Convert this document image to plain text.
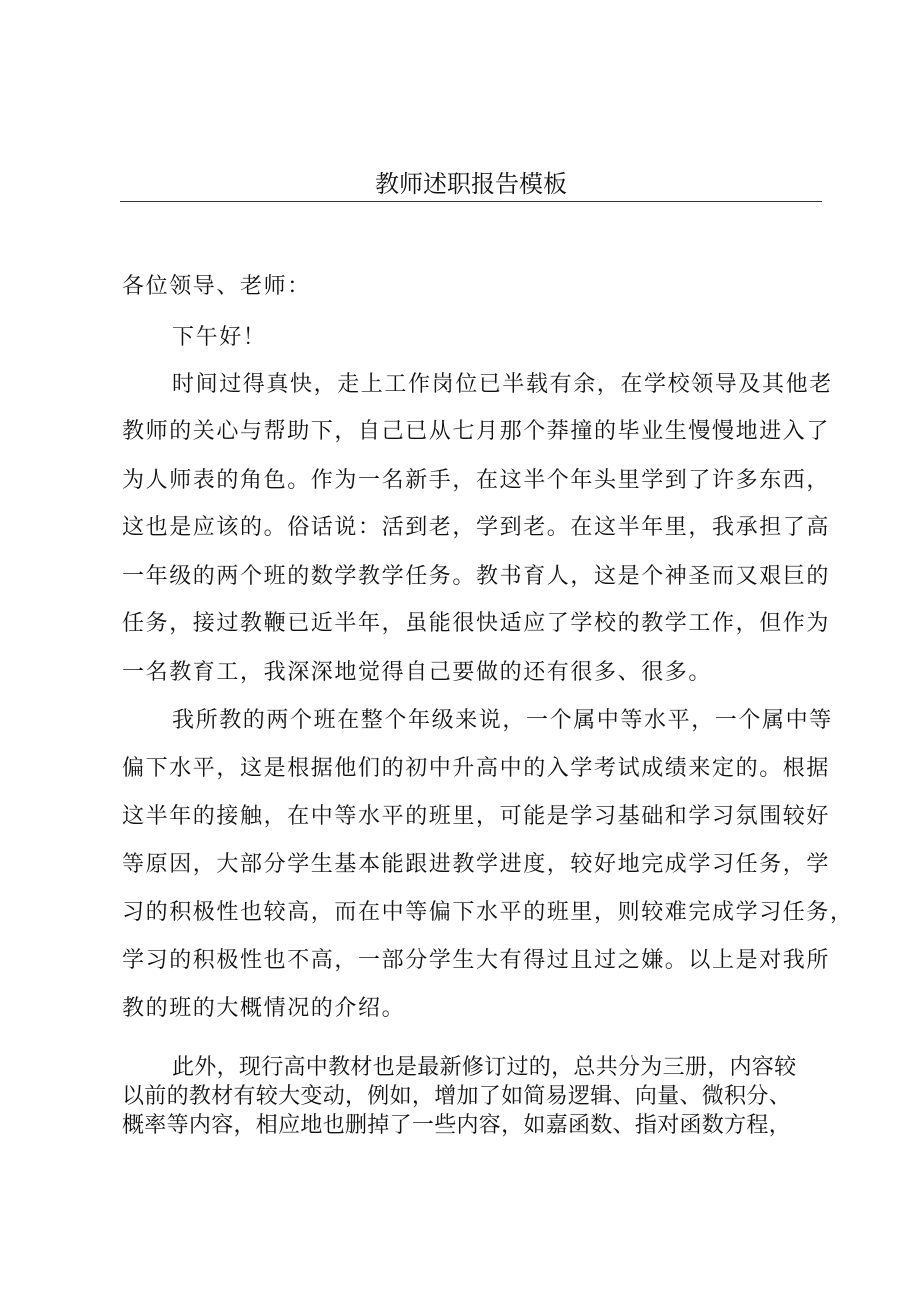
教师述职报告模板
各位领导、老师：
下午好！
时间过得真快，走上工作岗位已半载有余，在学校领导及其他老
教师的关心与帮助下，自己已从七月那个莽撞的毕业生慢慢地进入了
为人师表的角色。作为一名新手，在这半个年头里学到了许多东西，
这也是应该的。俗话说：活到老，学到老。在这半年里，我承担了高
一年级的两个班的数学教学任务。教书育人，这是个神圣而又艰巨的
任务，接过教鞭已近半年，虽能很快适应了学校的教学工作，但作为
一名教育工，我深深地觉得自己要做的还有很多、很多。
我所教的两个班在整个年级来说，一个属中等水平，一个属中等
偏下水平，这是根据他们的初中升高中的入学考试成绩来定的。根据
这半年的接触，在中等水平的班里，可能是学习基础和学习氛围较好
等原因，大部分学生基本能跟进教学进度，较好地完成学习任务，学
习的积极性也较高，而在中等偏下水平的班里，则较难完成学习任务，
学习的积极性也不高，一部分学生大有得过且过之嫌。以上是对我所
教的班的大概情况的介绍。
此外，现行高中教材也是最新修订过的，总共分为三册，内容较
以前的教材有较大变动，例如，增加了如简易逻辑、向量、微积分、
概率等内容，相应地也删掉了一些内容，如嘉函数、指对函数方程，
